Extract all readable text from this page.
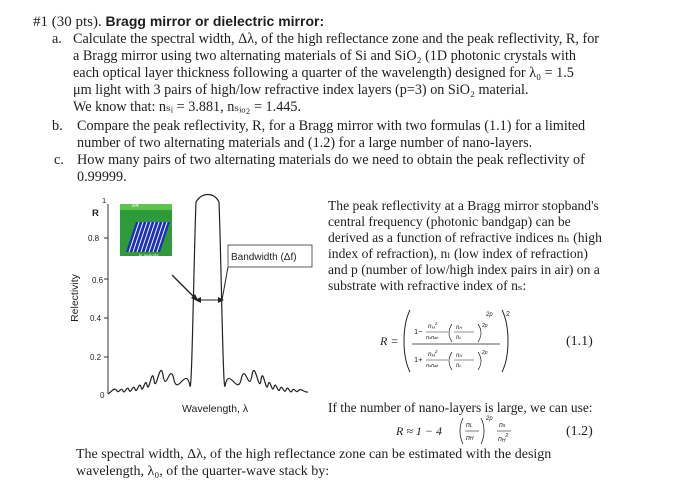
#1 (30 pts). Bragg mirror or dielectric mirror:
a. Calculate the spectral width, Δλ, of the high reflectance zone and the peak reflectivity, R, for
a Bragg mirror using two alternating materials of Si and SiO₂ (1D photonic crystals with
each optical layer thickness following a quarter of the wavelength) designed for λ₀ = 1.5
μm light with 3 pairs of high/low refractive index layers (p=3) on SiO₂ material.
We know that: nₛᵢ = 3.881, nₛᵢₒ₂ = 1.445.
b. Compare the peak reflectivity, R, for a Bragg mirror with two formulas (1.1) for a limited
number of two alternating materials and (1.2) for a large number of nano-layers.
c. How many pairs of two alternating materials do we need to obtain the peak reflectivity of
0.99999.
Relectivity
R
1
0.8
0.6
0.4
0.2
0
λ/4
N periods	Bandwidth (Δf)
Wavelength, λ
The peak reflectivity at a Bragg mirror stopband's
central frequency (photonic bandgap) can be
derived as a function of refractive indices nₕ (high
index of refraction), nₗ (low index of refraction)
and p (number of low/high index pairs in air) on a
substrate with refractive index of nₛ:
R =
2
2p
1−
$nH^2$
nsnair
nH
nL
2p
1+
$nH^2$
nsnair
nH
nL
2p
(1.1)
If the number of nano-layers is large, we can use:
R ≈ 1 − 4	nL
nH
2p
ns
$nH^2$	(1.2)
The spectral width, Δλ, of the high reflectance zone can be estimated with the design
wavelength, λ₀, of the quarter-wave stack by:
